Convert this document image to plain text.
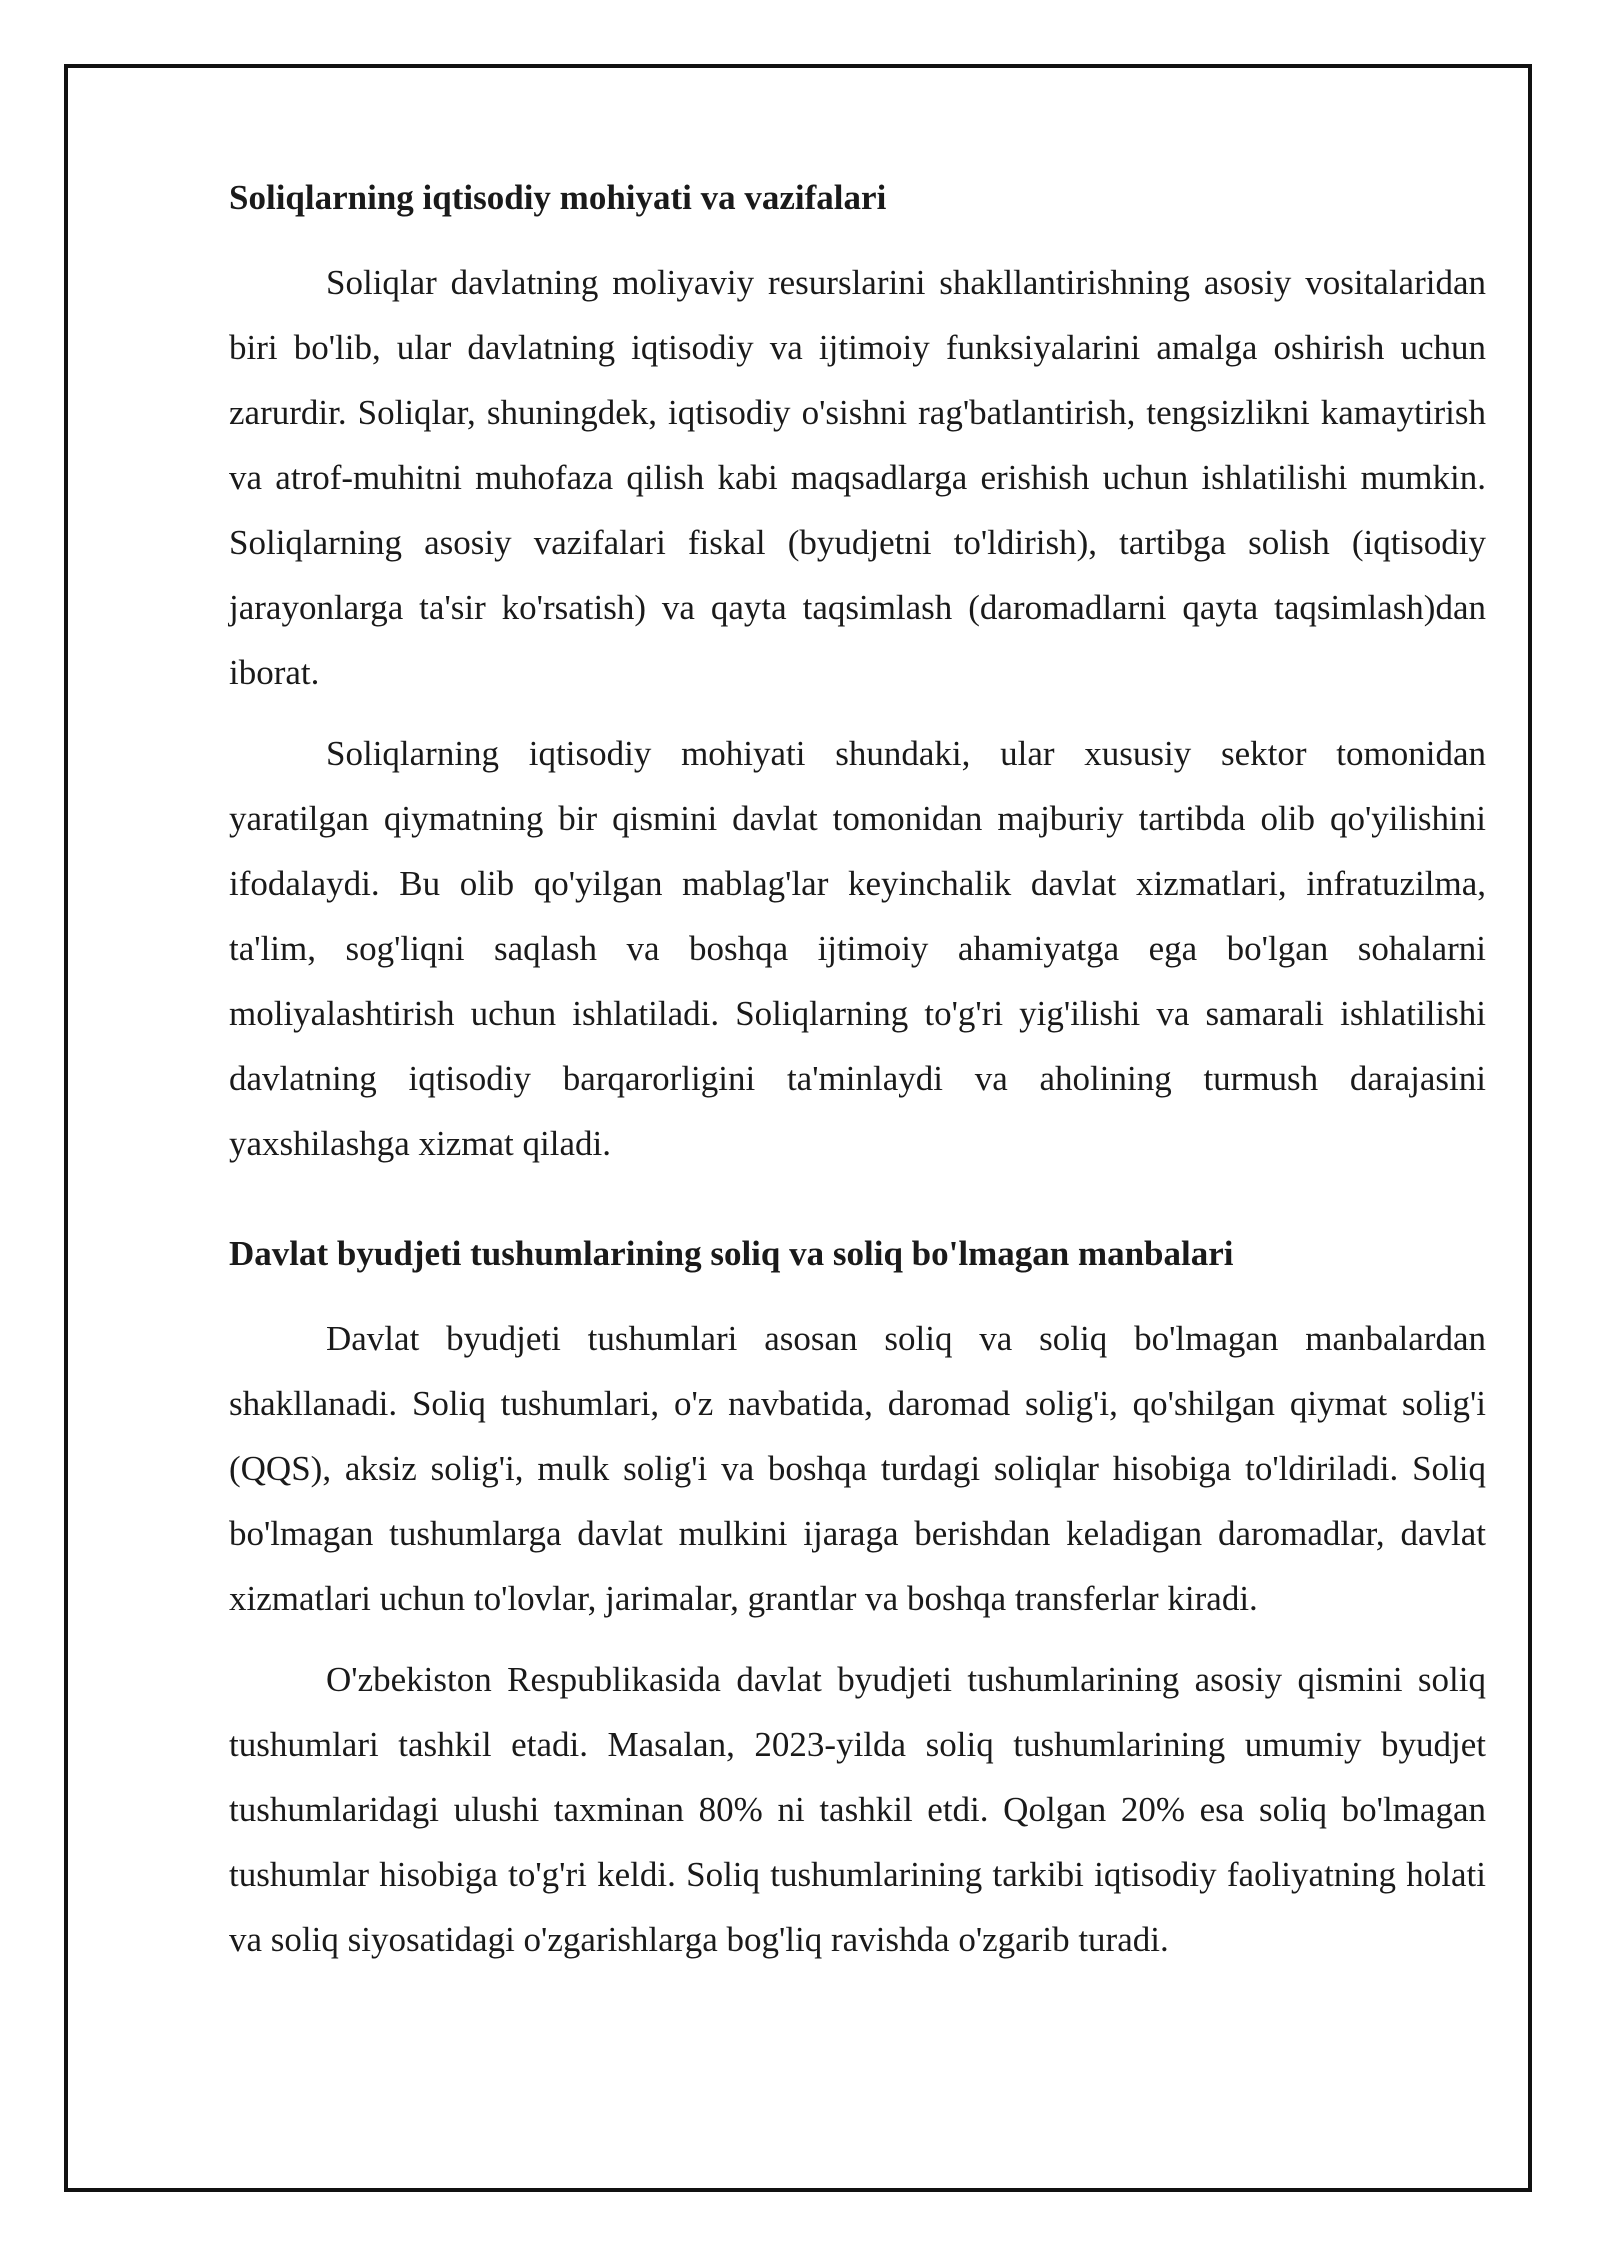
Soliqlarning iqtisodiy mohiyati va vazifalari

Soliqlar davlatning moliyaviy resurslarini shakllantirishning asosiy vositalaridan biri bo'lib, ular davlatning iqtisodiy va ijtimoiy funksiyalarini amalga oshirish uchun zarurdir. Soliqlar, shuningdek, iqtisodiy o'sishni rag'batlantirish, tengsizlikni kamaytirish va atrof-muhitni muhofaza qilish kabi maqsadlarga erishish uchun ishlatilishi mumkin. Soliqlarning asosiy vazifalari fiskal (byudjetni to'ldirish), tartibga solish (iqtisodiy jarayonlarga ta'sir ko'rsatish) va qayta taqsimlash (daromadlarni qayta taqsimlash)dan iborat.

Soliqlarning iqtisodiy mohiyati shundaki, ular xususiy sektor tomonidan yaratilgan qiymatning bir qismini davlat tomonidan majburiy tartibda olib qo'yilishini ifodalaydi. Bu olib qo'yilgan mablag'lar keyinchalik davlat xizmatlari, infratuzilma, ta'lim, sog'liqni saqlash va boshqa ijtimoiy ahamiyatga ega bo'lgan sohalarni moliyalashtirish uchun ishlatiladi. Soliqlarning to'g'ri yig'ilishi va samarali ishlatilishi davlatning iqtisodiy barqarorligini ta'minlaydi va aholining turmush darajasini yaxshilashga xizmat qiladi.

Davlat byudjeti tushumlarining soliq va soliq bo'lmagan manbalari

Davlat byudjeti tushumlari asosan soliq va soliq bo'lmagan manbalardan shakllanadi. Soliq tushumlari, o'z navbatida, daromad solig'i, qo'shilgan qiymat solig'i (QQS), aksiz solig'i, mulk solig'i va boshqa turdagi soliqlar hisobiga to'ldiriladi. Soliq bo'lmagan tushumlarga davlat mulkini ijaraga berishdan keladigan daromadlar, davlat xizmatlari uchun to'lovlar, jarimalar, grantlar va boshqa transferlar kiradi.

O'zbekiston Respublikasida davlat byudjeti tushumlarining asosiy qismini soliq tushumlari tashkil etadi. Masalan, 2023-yilda soliq tushumlarining umumiy byudjet tushumlaridagi ulushi taxminan 80% ni tashkil etdi. Qolgan 20% esa soliq bo'lmagan tushumlar hisobiga to'g'ri keldi. Soliq tushumlarining tarkibi iqtisodiy faoliyatning holati va soliq siyosatidagi o'zgarishlarga bog'liq ravishda o'zgarib turadi.
